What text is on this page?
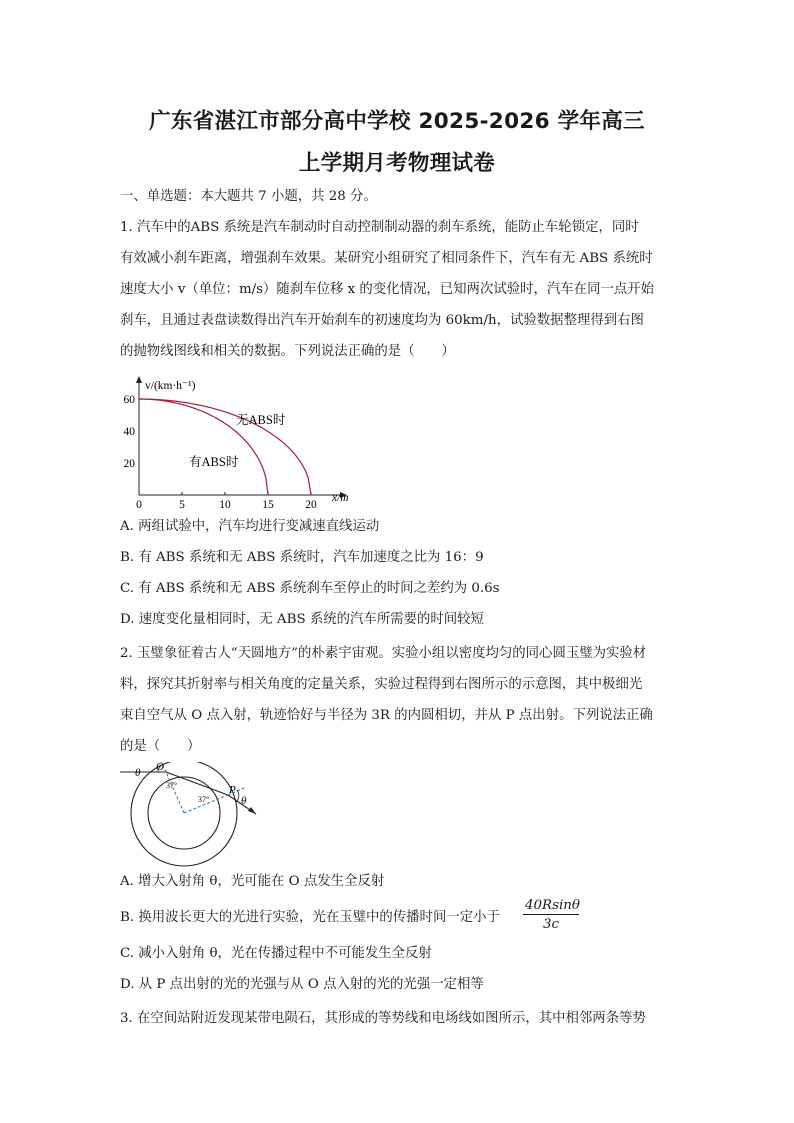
广东省湛江市部分高中学校 2025-2026 学年高三
上学期月考物理试卷
一、单选题：本大题共 7 小题，共 28 分。
1. 汽车中的ABS 系统是汽车制动时自动控制制动器的刹车系统，能防止车轮锁定，同时
有效减小刹车距离，增强刹车效果。某研究小组研究了相同条件下，汽车有无 ABS 系统时
速度大小 v（单位：m/s）随刹车位移 x 的变化情况，已知两次试验时，汽车在同一点开始
刹车，且通过表盘读数得出汽车开始刹车的初速度均为 60km/h，试验数据整理得到右图
的抛物线图线和相关的数据。下列说法正确的是（　　）
v/(km·h⁻¹)
x/m
0	5	10	15	20
20
40
60
有ABS时
无ABS时
A. 两组试验中，汽车均进行变减速直线运动
B. 有 ABS 系统和无 ABS 系统时，汽车加速度之比为 16：9
C. 有 ABS 系统和无 ABS 系统刹车至停止的时间之差约为 0.6s
D. 速度变化量相同时，无 ABS 系统的汽车所需要的时间较短
2. 玉璧象征着古人“天圆地方”的朴素宇宙观。实验小组以密度均匀的同心圆玉璧为实验材
料，探究其折射率与相关角度的定量关系，实验过程得到右图所示的示意图，其中极细光
束自空气从 O 点入射，轨迹恰好与半径为 3R 的内圆相切，并从 P 点出射。下列说法正确
的是（　　）
θ O
37°
37°
P
θ
A. 增大入射角 θ，光可能在 O 点发生全反射
B. 换用波长更大的光进行实验，光在玉璧中的传播时间一定小于 $\frac{40Rsin\theta}{3c}$
C. 减小入射角 θ，光在传播过程中不可能发生全反射
D. 从 P 点出射的光的光强与从 O 点入射的光的光强一定相等
3. 在空间站附近发现某带电陨石，其形成的等势线和电场线如图所示，其中相邻两条等势
